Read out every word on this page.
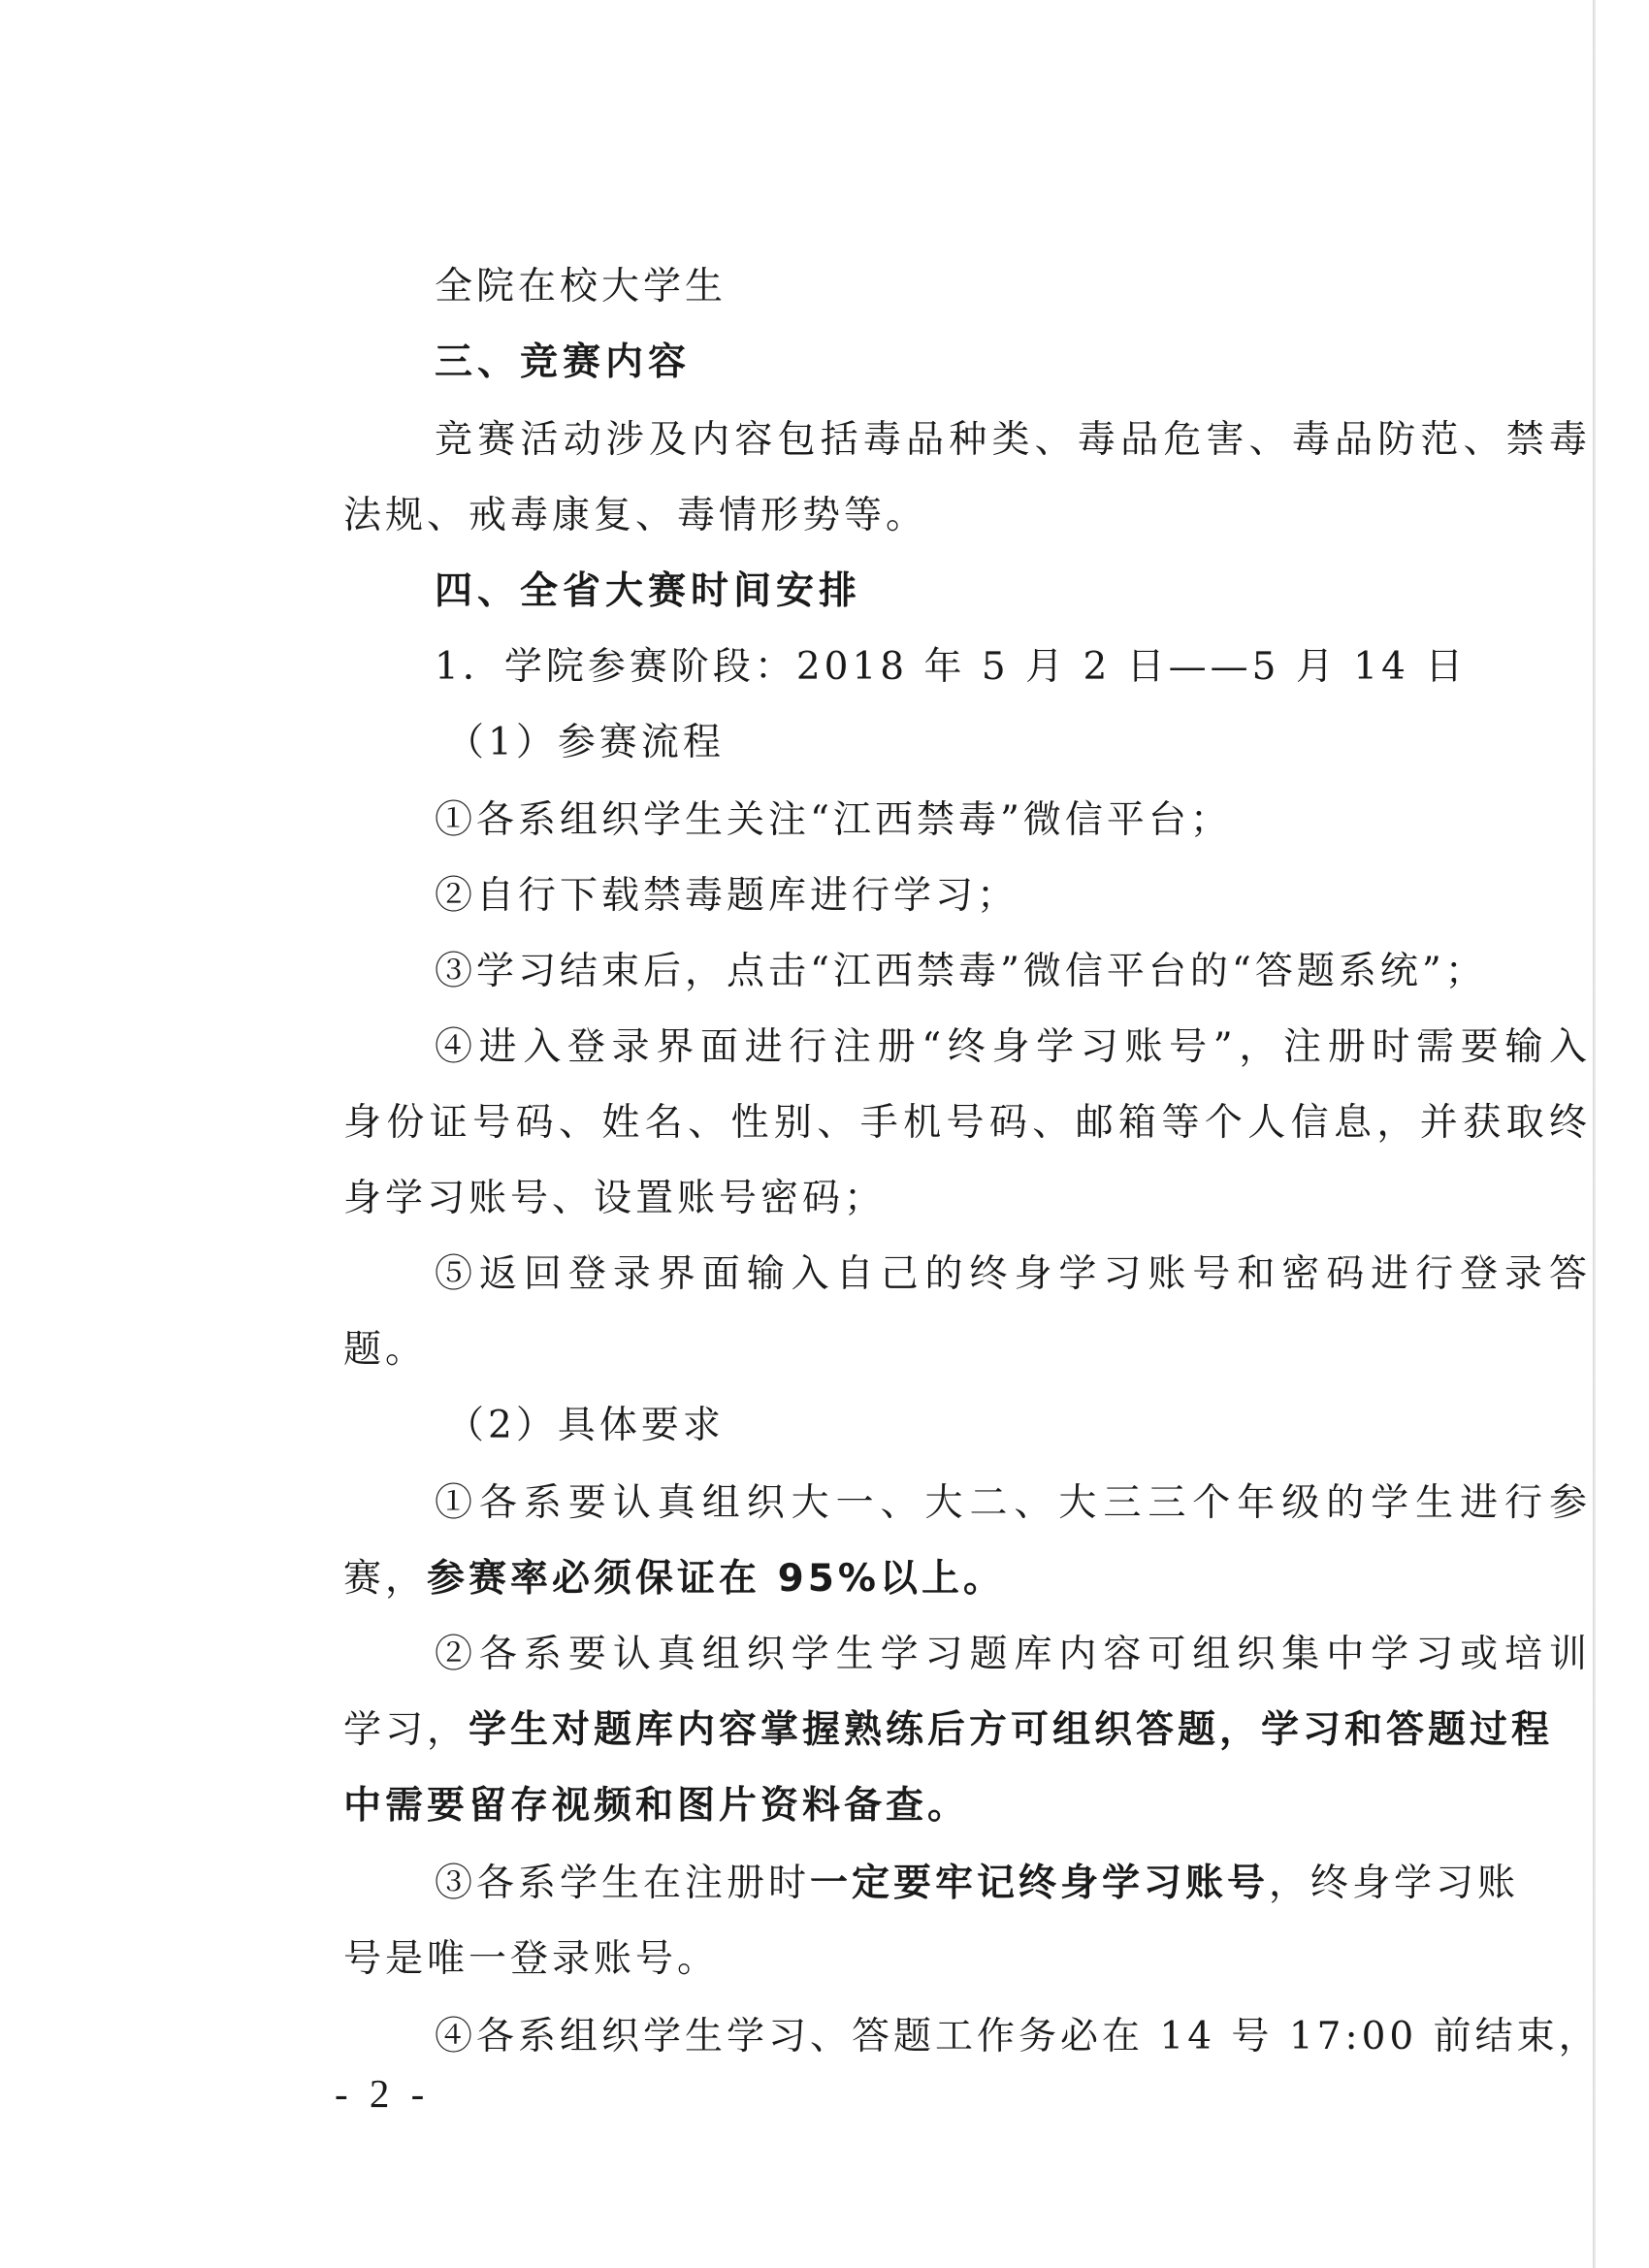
全院在校大学生
三、竞赛内容
竞赛活动涉及内容包括毒品种类、毒品危害、毒品防范、禁毒
法规、戒毒康复、毒情形势等。
四、全省大赛时间安排
1．学院参赛阶段：2018 年 5 月 2 日——5 月 14 日
（1）参赛流程
①各系组织学生关注“江西禁毒”微信平台；
②自行下载禁毒题库进行学习；
③学习结束后，点击“江西禁毒”微信平台的“答题系统”；
④进入登录界面进行注册“终身学习账号”，注册时需要输入
身份证号码、姓名、性别、手机号码、邮箱等个人信息，并获取终
身学习账号、设置账号密码；
⑤返回登录界面输入自己的终身学习账号和密码进行登录答
题。
（2）具体要求
①各系要认真组织大一、大二、大三三个年级的学生进行参
赛，参赛率必须保证在 95%以上。
②各系要认真组织学生学习题库内容可组织集中学习或培训
学习，学生对题库内容掌握熟练后方可组织答题，学习和答题过程
中需要留存视频和图片资料备查。
③各系学生在注册时一定要牢记终身学习账号，终身学习账
号是唯一登录账号。
④各系组织学生学习、答题工作务必在 14 号 17:00 前结束，
- 2 -
